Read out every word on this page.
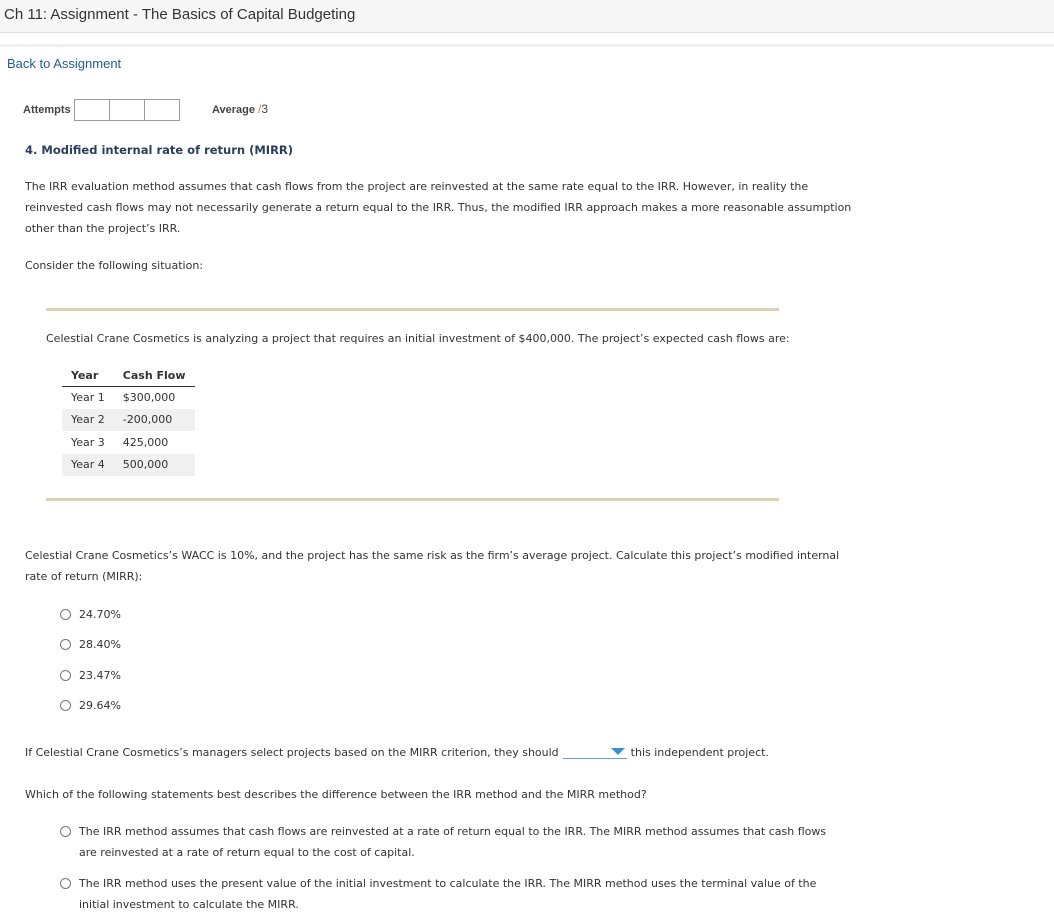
Ch 11: Assignment - The Basics of Capital Budgeting
Back to Assignment
Attempts	Average /3
4. Modified internal rate of return (MIRR)
The IRR evaluation method assumes that cash flows from the project are reinvested at the same rate equal to the IRR. However, in reality the
reinvested cash flows may not necessarily generate a return equal to the IRR. Thus, the modified IRR approach makes a more reasonable assumption
other than the project’s IRR.
Consider the following situation:
Celestial Crane Cosmetics is analyzing a project that requires an initial investment of $400,000. The project’s expected cash flows are:
Year	Cash Flow
Year 1	$300,000
Year 2	-200,000
Year 3	425,000
Year 4	500,000
Celestial Crane Cosmetics’s WACC is 10%, and the project has the same risk as the firm’s average project. Calculate this project’s modified internal
rate of return (MIRR):
24.70%
28.40%
23.47%
29.64%
If Celestial Crane Cosmetics’s managers select projects based on the MIRR criterion, they should	this independent project.
Which of the following statements best describes the difference between the IRR method and the MIRR method?
The IRR method assumes that cash flows are reinvested at a rate of return equal to the IRR. The MIRR method assumes that cash flows
are reinvested at a rate of return equal to the cost of capital.
The IRR method uses the present value of the initial investment to calculate the IRR. The MIRR method uses the terminal value of the
initial investment to calculate the MIRR.
